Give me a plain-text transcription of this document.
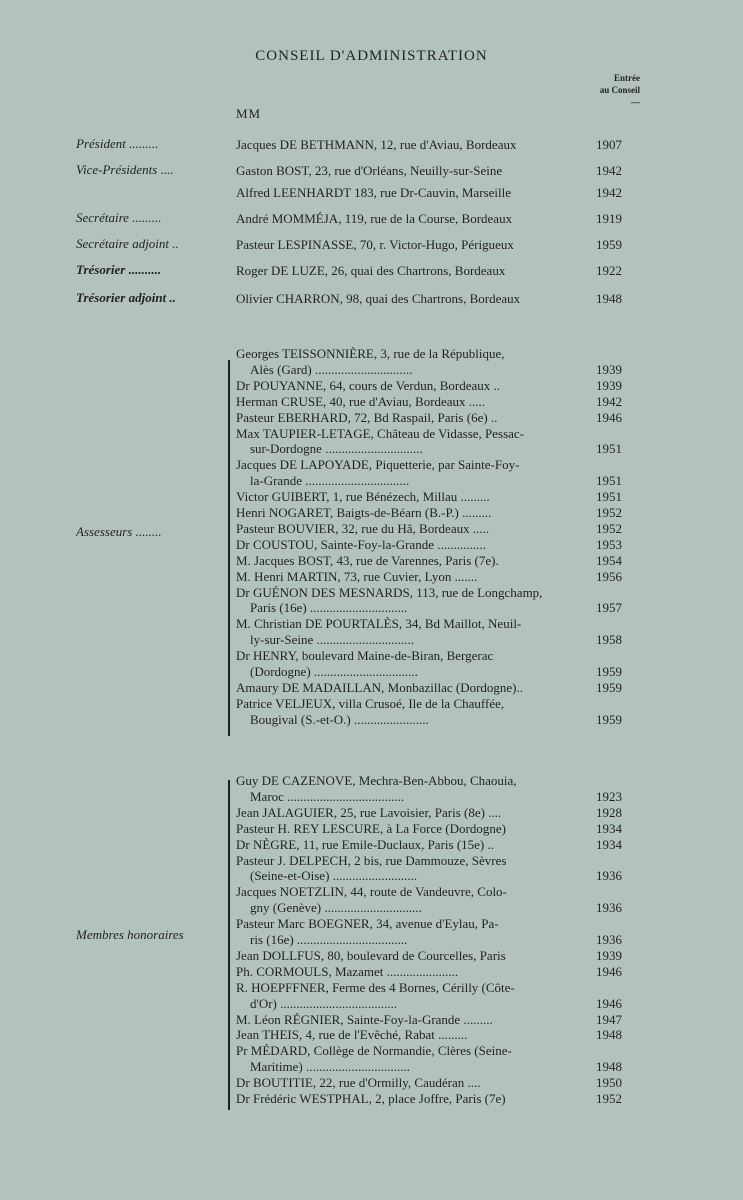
CONSEIL D'ADMINISTRATION
Entrée
au Conseil
—
MM
Président .........	Jacques DE BETHMANN, 12, rue d'Aviau, Bordeaux	1907
Vice-Présidents ....	Gaston BOST, 23, rue d'Orléans, Neuilly-sur-Seine	1942
Alfred LEENHARDT 183, rue Dr-Cauvin, Marseille	1942
Secrétaire .........	André MOMMÉJA, 119, rue de la Course, Bordeaux	1919
Secrétaire adjoint ..	Pasteur LESPINASSE, 70, r. Victor-Hugo, Périgueux	1959
Trésorier ..........	Roger DE LUZE, 26, quai des Chartrons, Bordeaux	1922
Trésorier adjoint ..	Olivier CHARRON, 98, quai des Chartrons, Bordeaux	1948
Assesseurs ........
Georges TEISSONNIÈRE, 3, rue de la République,
Alès (Gard) ..............................	1939
Dr POUYANNE, 64, cours de Verdun, Bordeaux ..	1939
Herman CRUSE, 40, rue d'Aviau, Bordeaux .....	1942
Pasteur EBERHARD, 72, Bd Raspail, Paris (6e) ..	1946
Max TAUPIER-LETAGE, Château de Vidasse, Pessac-
sur-Dordogne ..............................	1951
Jacques DE LAPOYADE, Piquetterie, par Sainte-Foy-
la-Grande ................................	1951
Victor GUIBERT, 1, rue Bénézech, Millau .........	1951
Henri NOGARET, Baigts-de-Béarn (B.-P.) .........	1952
Pasteur BOUVIER, 32, rue du Hâ, Bordeaux .....	1952
Dr COUSTOU, Sainte-Foy-la-Grande ...............	1953
M. Jacques BOST, 43, rue de Varennes, Paris (7e).	1954
M. Henri MARTIN, 73, rue Cuvier, Lyon .......	1956
Dr GUÉNON DES MESNARDS, 113, rue de Longchamp,
Paris (16e) ..............................	1957
M. Christian DE POURTALÈS, 34, Bd Maillot, Neuil-
ly-sur-Seine ..............................	1958
Dr HENRY, boulevard Maine-de-Biran, Bergerac
(Dordogne) ................................	1959
Amaury DE MADAILLAN, Monbazillac (Dordogne)..	1959
Patrice VELJEUX, villa Crusoé, Ile de la Chauffée,
Bougival (S.-et-O.) .......................	1959
Membres honoraires
Guy DE CAZENOVE, Mechra-Ben-Abbou, Chaouia,
Maroc ....................................	1923
Jean JALAGUIER, 25, rue Lavoisier, Paris (8e) ....	1928
Pasteur H. REY LESCURE, à La Force (Dordogne)	1934
Dr NÈGRE, 11, rue Emile-Duclaux, Paris (15e) ..	1934
Pasteur J. DELPECH, 2 bis, rue Dammouze, Sèvres
(Seine-et-Oise) ..........................	1936
Jacques NOETZLIN, 44, route de Vandeuvre, Colo-
gny (Genève) ..............................	1936
Pasteur Marc BOEGNER, 34, avenue d'Eylau, Pa-
ris (16e) ..................................	1936
Jean DOLLFUS, 80, boulevard de Courcelles, Paris	1939
Ph. CORMOULS, Mazamet ......................	1946
R. HOEPFFNER, Ferme des 4 Bornes, Cérilly (Côte-
d'Or) ....................................	1946
M. Léon RÉGNIER, Sainte-Foy-la-Grande .........	1947
Jean THEIS, 4, rue de l'Evêché, Rabat .........	1948
Pr MÉDARD, Collège de Normandie, Clères (Seine-
Maritime) ................................	1948
Dr BOUTITIE, 22, rue d'Ormilly, Caudéran ....	1950
Dr Frédéric WESTPHAL, 2, place Joffre, Paris (7e)	1952
